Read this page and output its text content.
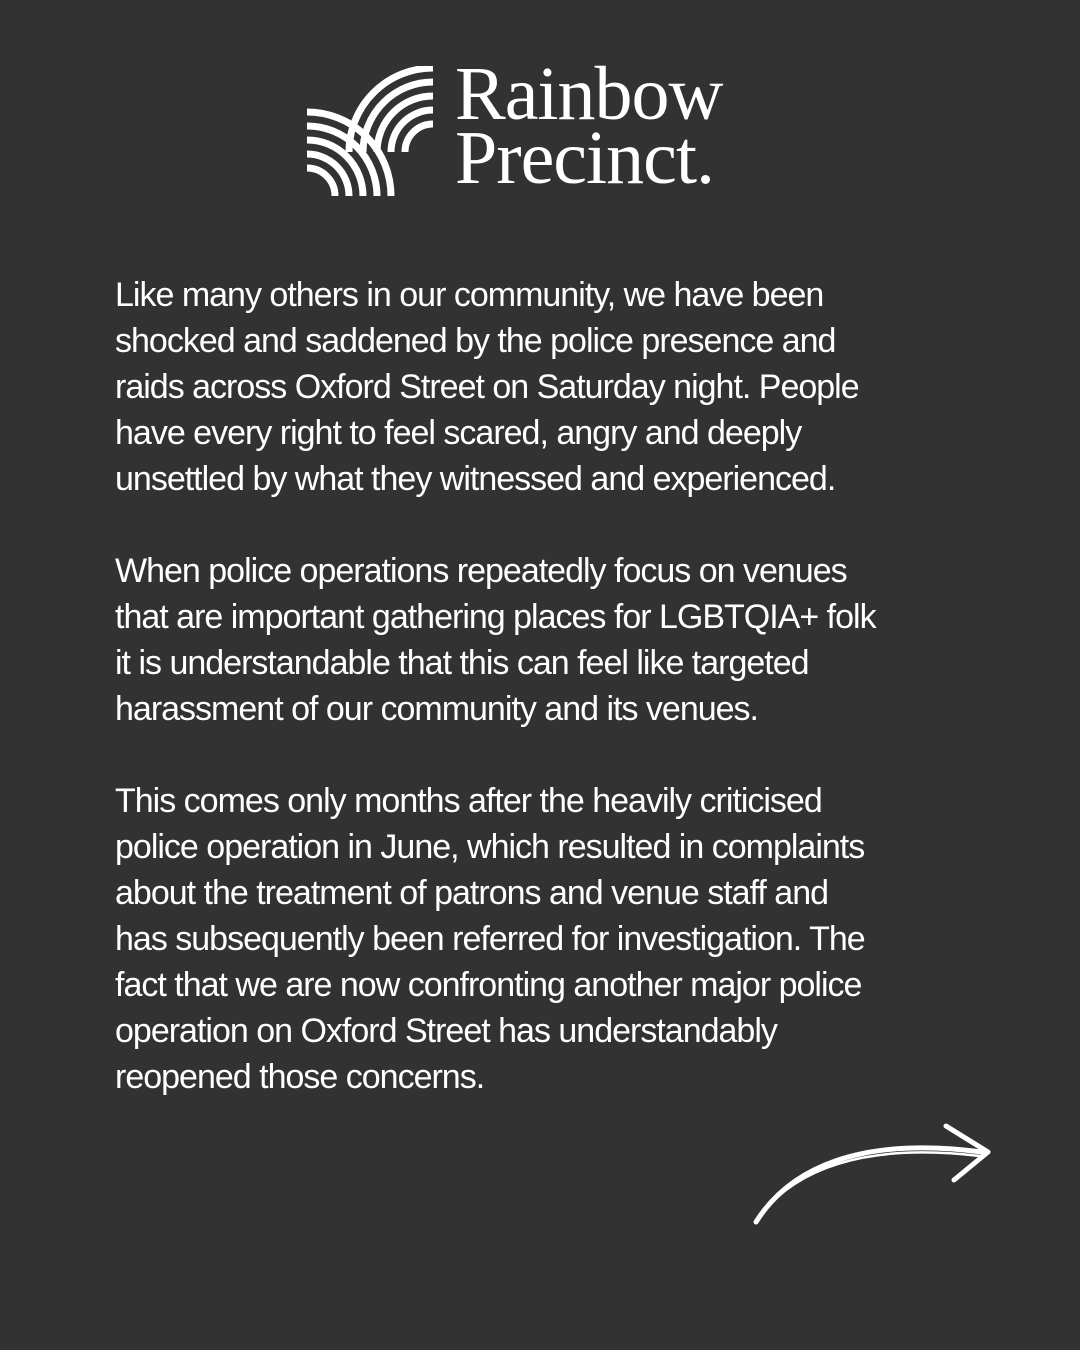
Rainbow
Precinct.

Like many others in our community, we have been
shocked and saddened by the police presence and
raids across Oxford Street on Saturday night. People
have every right to feel scared, angry and deeply
unsettled by what they witnessed and experienced.

When police operations repeatedly focus on venues
that are important gathering places for LGBTQIA+ folk
it is understandable that this can feel like targeted
harassment of our community and its venues.

This comes only months after the heavily criticised
police operation in June, which resulted in complaints
about the treatment of patrons and venue staff and
has subsequently been referred for investigation. The
fact that we are now confronting another major police
operation on Oxford Street has understandably
reopened those concerns.
